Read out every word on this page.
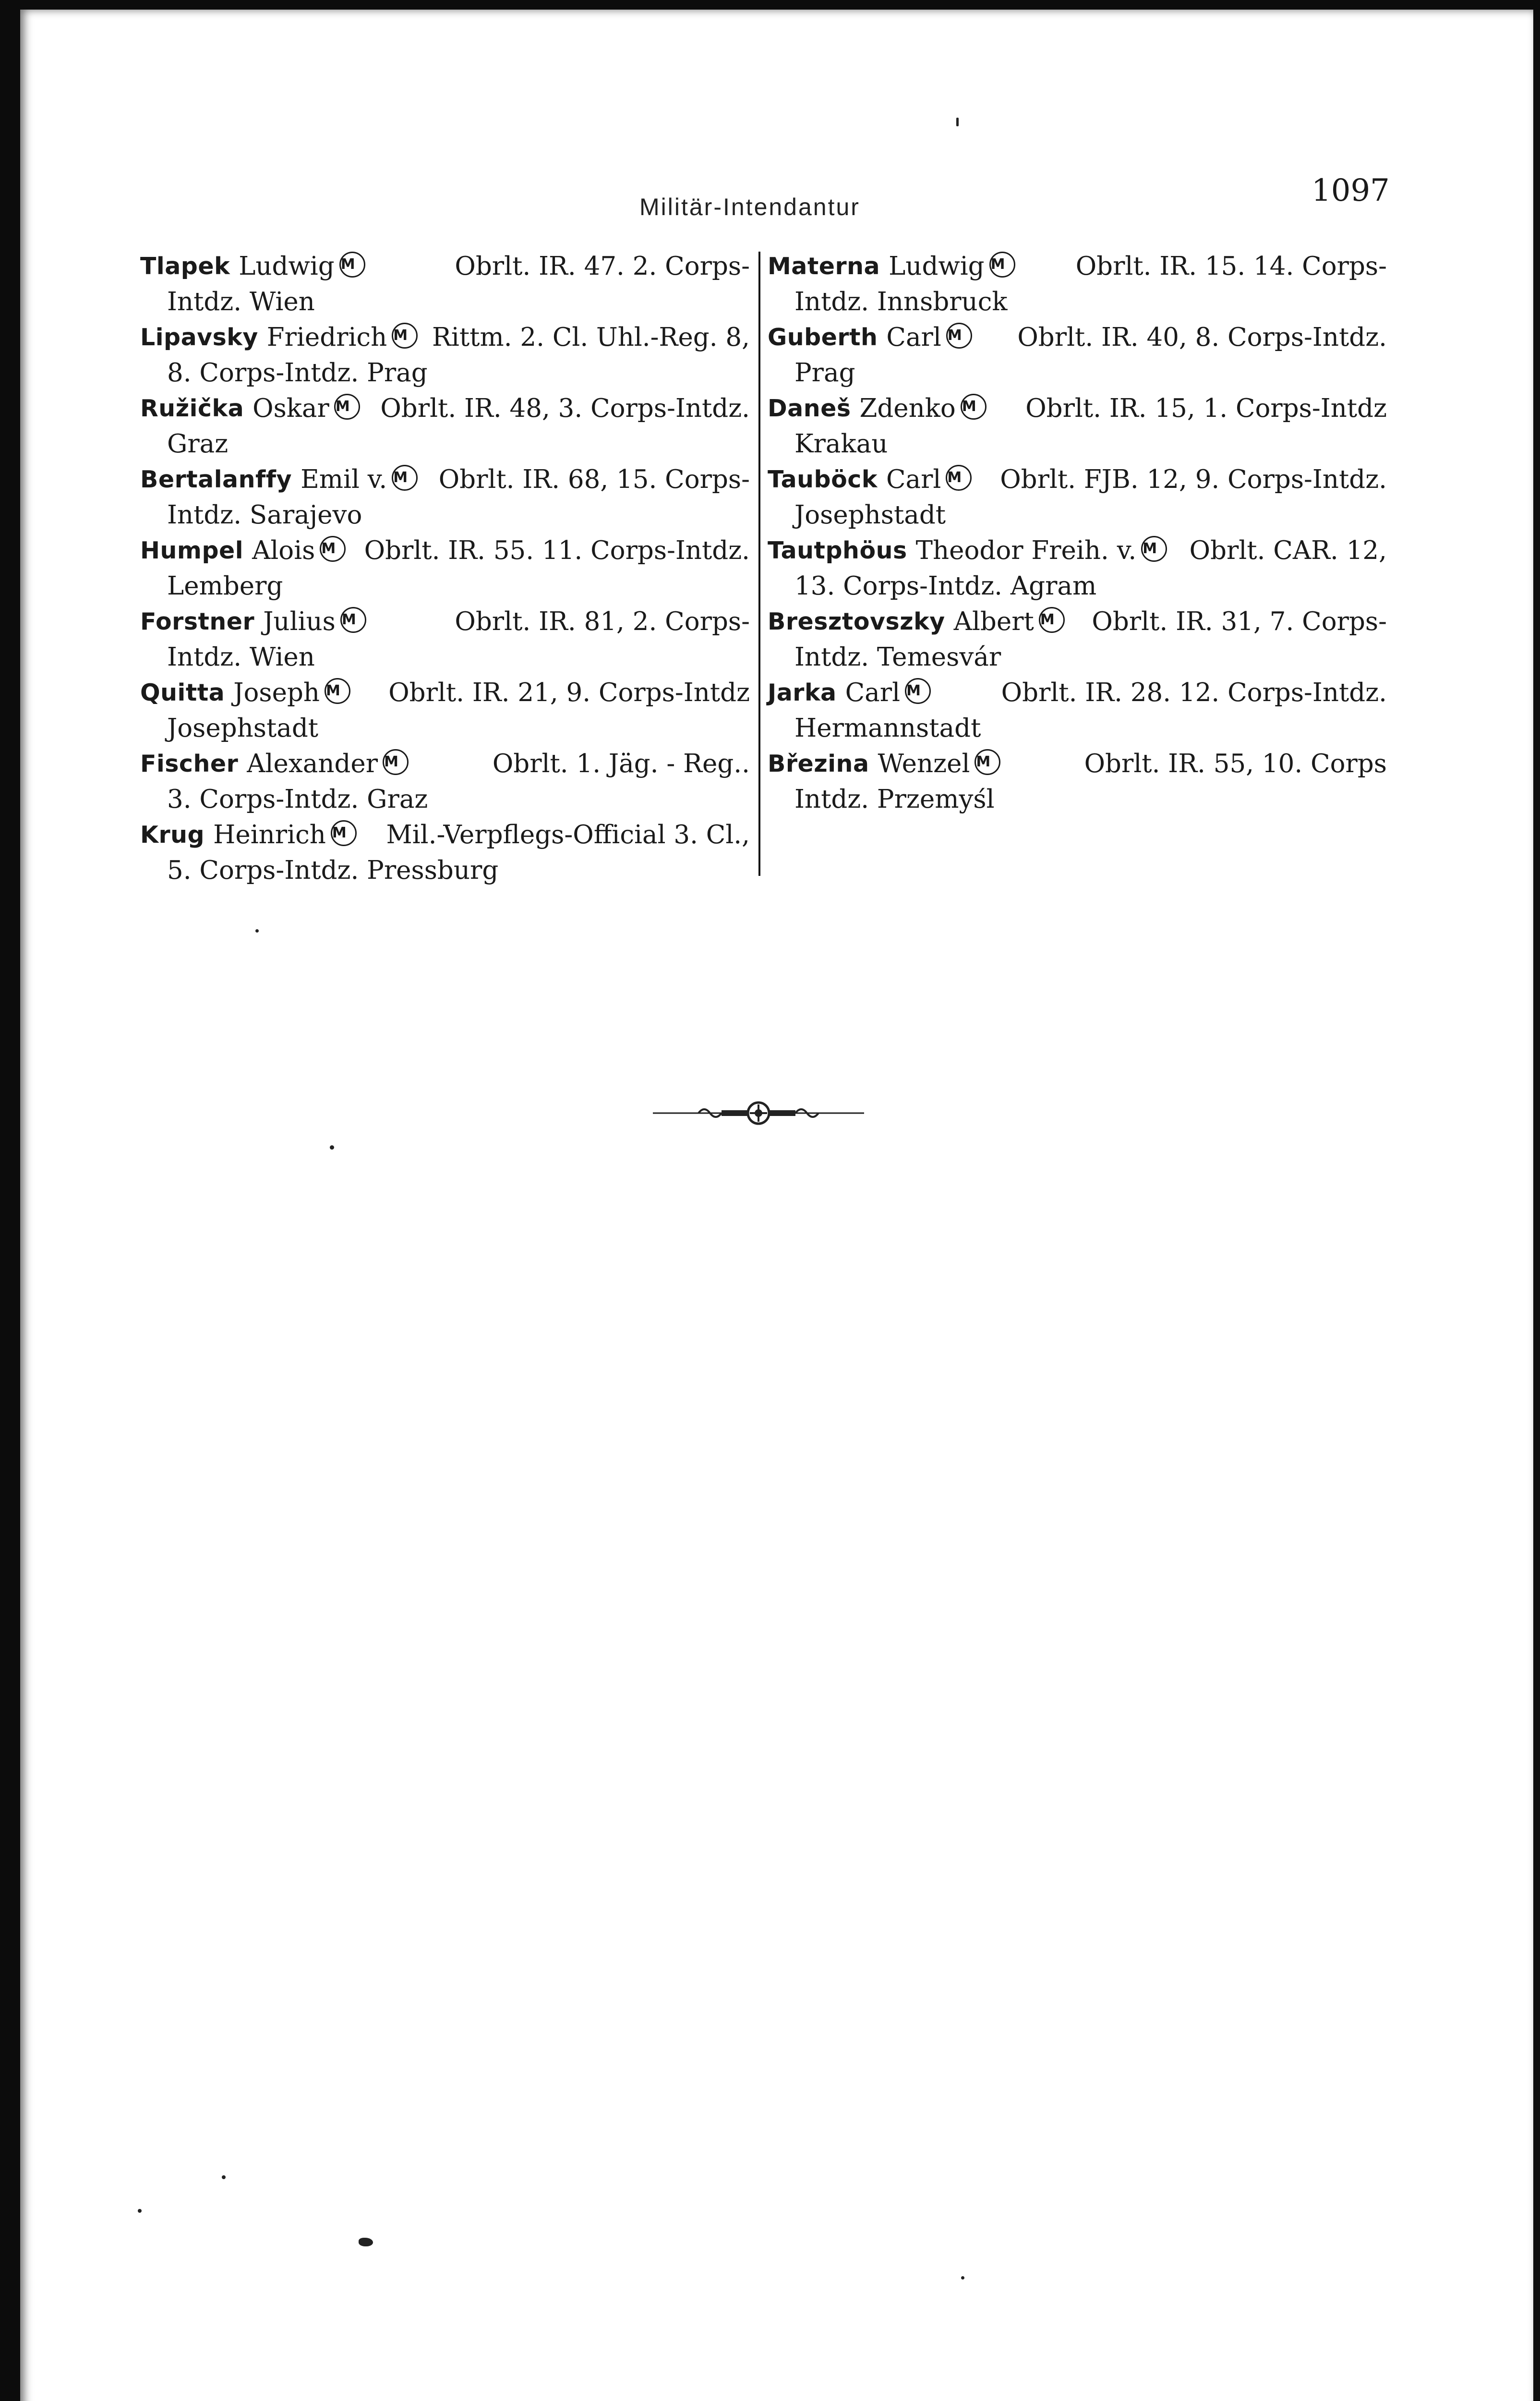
Militär-Intendantur	1097
Tlapek Ludwig M	Obrlt. IR. 47. 2. Corps-
Intdz. Wien
Lipavsky Friedrich M Rittm. 2. Cl. Uhl.-Reg. 8,
8. Corps-Intdz. Prag
Ružička Oskar M	Obrlt. IR. 48, 3. Corps-Intdz.
Graz
Bertalanffy Emil v. M	Obrlt. IR. 68, 15. Corps-
Intdz. Sarajevo
Humpel Alois M	Obrlt. IR. 55. 11. Corps-Intdz.
Lemberg
Forstner Julius M	Obrlt. IR. 81, 2. Corps-
Intdz. Wien
Quitta Joseph M	Obrlt. IR. 21, 9. Corps-Intdz
Josephstadt
Fischer Alexander M	Obrlt. 1. Jäg. - Reg..
3. Corps-Intdz. Graz
Krug Heinrich M	Mil.-Verpflegs-Official 3. Cl.,
5. Corps-Intdz. Pressburg
Materna Ludwig M	Obrlt. IR. 15. 14. Corps-
Intdz. Innsbruck
Guberth Carl M	Obrlt. IR. 40, 8. Corps-Intdz.
Prag
Daneš Zdenko M	Obrlt. IR. 15, 1. Corps-Intdz
Krakau
Tauböck Carl M	Obrlt. FJB. 12, 9. Corps-Intdz.
Josephstadt
Tautphöus Theodor Freih. v. M	Obrlt. CAR. 12,
13. Corps-Intdz. Agram
Bresztovszky Albert M	Obrlt. IR. 31, 7. Corps-
Intdz. Temesvár
Jarka Carl M	Obrlt. IR. 28. 12. Corps-Intdz.
Hermannstadt
Březina Wenzel M	Obrlt. IR. 55, 10. Corps
Intdz. Przemyśl
